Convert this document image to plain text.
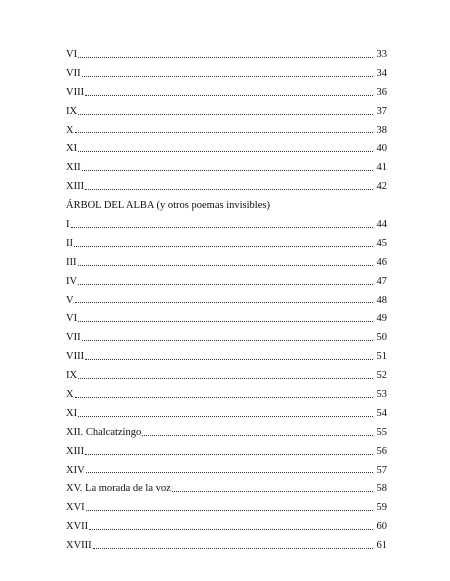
VI	33
VII	34
VIII	36
IX	37
X	38
XI	40
XII	41
XIII	42
ÁRBOL DEL ALBA (y otros poemas invisibles)
I	44
II	45
III	46
IV	47
V	48
VI	49
VII	50
VIII	51
IX	52
X	53
XI	54
XII. Chalcatzingo	55
XIII	56
XIV	57
XV. La morada de la voz	58
XVI	59
XVII	60
XVIII	61
